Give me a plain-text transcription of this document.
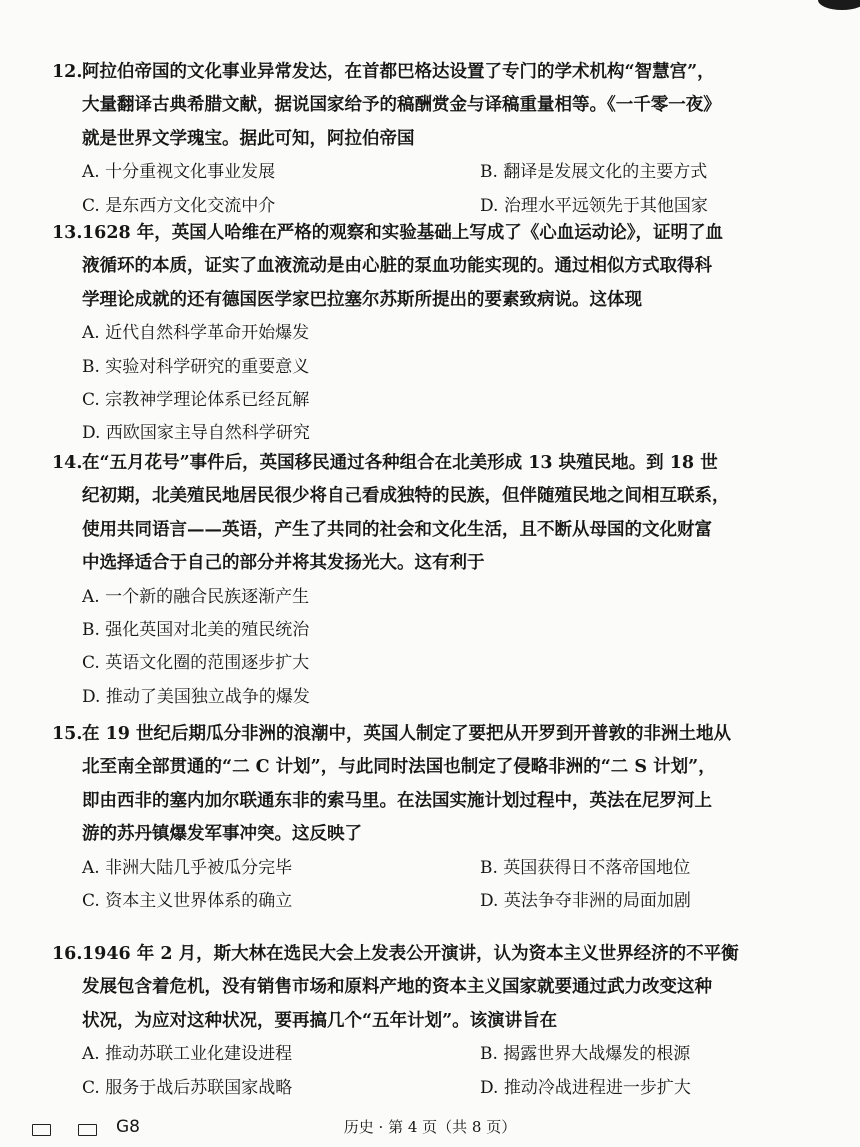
12. 阿拉伯帝国的文化事业异常发达，在首都巴格达设置了专门的学术机构“智慧宫”，
大量翻译古典希腊文献，据说国家给予的稿酬赏金与译稿重量相等。《一千零一夜》
就是世界文学瑰宝。据此可知，阿拉伯帝国
A. 十分重视文化事业发展	B. 翻译是发展文化的主要方式
C. 是东西方文化交流中介	D. 治理水平远领先于其他国家
13. 1628 年，英国人哈维在严格的观察和实验基础上写成了《心血运动论》，证明了血
液循环的本质，证实了血液流动是由心脏的泵血功能实现的。通过相似方式取得科
学理论成就的还有德国医学家巴拉塞尔苏斯所提出的要素致病说。这体现
A. 近代自然科学革命开始爆发
B. 实验对科学研究的重要意义
C. 宗教神学理论体系已经瓦解
D. 西欧国家主导自然科学研究
14. 在“五月花号”事件后，英国移民通过各种组合在北美形成 13 块殖民地。到 18 世
纪初期，北美殖民地居民很少将自己看成独特的民族，但伴随殖民地之间相互联系，
使用共同语言——英语，产生了共同的社会和文化生活，且不断从母国的文化财富
中选择适合于自己的部分并将其发扬光大。这有利于
A. 一个新的融合民族逐渐产生
B. 强化英国对北美的殖民统治
C. 英语文化圈的范围逐步扩大
D. 推动了美国独立战争的爆发
15. 在 19 世纪后期瓜分非洲的浪潮中，英国人制定了要把从开罗到开普敦的非洲土地从
北至南全部贯通的“二 C 计划”，与此同时法国也制定了侵略非洲的“二 S 计划”，
即由西非的塞内加尔联通东非的索马里。在法国实施计划过程中，英法在尼罗河上
游的苏丹镇爆发军事冲突。这反映了
A. 非洲大陆几乎被瓜分完毕	B. 英国获得日不落帝国地位
C. 资本主义世界体系的确立	D. 英法争夺非洲的局面加剧
16. 1946 年 2 月，斯大林在选民大会上发表公开演讲，认为资本主义世界经济的不平衡
发展包含着危机，没有销售市场和原料产地的资本主义国家就要通过武力改变这种
状况，为应对这种状况，要再搞几个“五年计划”。该演讲旨在
A. 推动苏联工业化建设进程	B. 揭露世界大战爆发的根源
C. 服务于战后苏联国家战略	D. 推动冷战进程进一步扩大
G8	历史 · 第 4 页（共 8 页）
